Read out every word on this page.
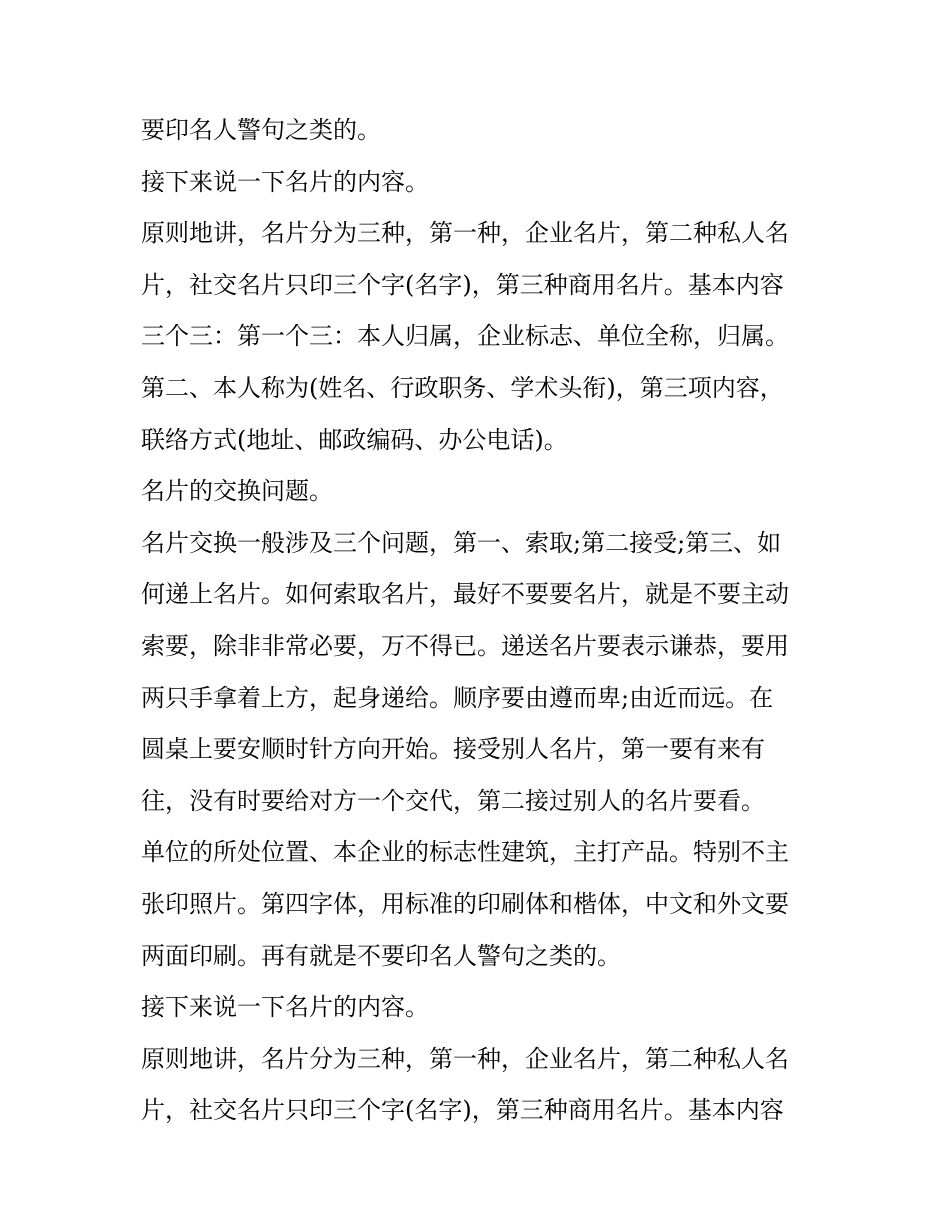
要印名人警句之类的。
接下来说一下名片的内容。
原则地讲，名片分为三种，第一种，企业名片，第二种私人名
片，社交名片只印三个字(名字)，第三种商用名片。基本内容
三个三：第一个三：本人归属，企业标志、单位全称，归属。
第二、本人称为(姓名、行政职务、学术头衔)，第三项内容，
联络方式(地址、邮政编码、办公电话)。
名片的交换问题。
名片交换一般涉及三个问题，第一、索取;第二接受;第三、如
何递上名片。如何索取名片，最好不要要名片，就是不要主动
索要，除非非常必要，万不得已。递送名片要表示谦恭，要用
两只手拿着上方，起身递给。顺序要由遵而卑;由近而远。在
圆桌上要安顺时针方向开始。接受别人名片，第一要有来有
往，没有时要给对方一个交代，第二接过别人的名片要看。
单位的所处位置、本企业的标志性建筑，主打产品。特别不主
张印照片。第四字体，用标准的印刷体和楷体，中文和外文要
两面印刷。再有就是不要印名人警句之类的。
接下来说一下名片的内容。
原则地讲，名片分为三种，第一种，企业名片，第二种私人名
片，社交名片只印三个字(名字)，第三种商用名片。基本内容
